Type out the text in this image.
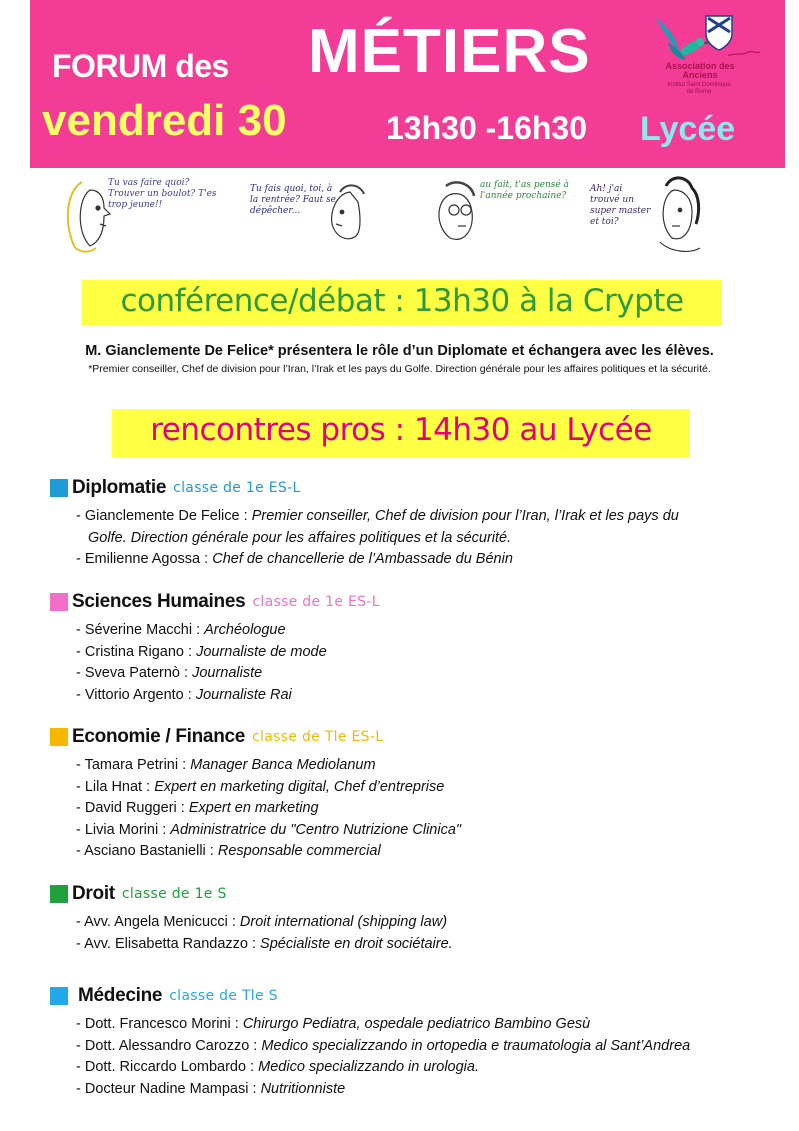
FORUM des MÉTIERS
vendredi 30	13h30 -16h30 Lycée
Association des Anciens
Institut Saint Dominique de Rome
Tu vas faire quoi? Trouver un boulot? T'es trop jeune!!
Tu fais quoi, toi, à la rentrée? Faut se dépêcher...
au fait, t'as pensé à l'année prochaine?
Ah! j'ai trouvé un super master et toi?
conférence/débat : 13h30 à la Crypte
M. Gianclemente De Felice* présentera le rôle d’un Diplomate et échangera avec les élèves.
*Premier conseiller, Chef de division pour l’Iran, l’Irak et les pays du Golfe. Direction générale pour les affaires politiques et la sécurité.
rencontres pros : 14h30 au Lycée
Diplomatie classe de 1e ES-L
- Gianclemente De Felice : Premier conseiller, Chef de division pour l’Iran, l’Irak et les pays du
Golfe. Direction générale pour les affaires politiques et la sécurité.
- Emilienne Agossa : Chef de chancellerie de l’Ambassade du Bénin
Sciences Humaines classe de 1e ES-L
- Séverine Macchi : Archéologue
- Cristina Rigano : Journaliste de mode
- Sveva Paternò : Journaliste
- Vittorio Argento : Journaliste Rai
Economie / Finance classe de Tle ES-L
- Tamara Petrini : Manager Banca Mediolanum
- Lila Hnat : Expert en marketing digital, Chef d’entreprise
- David Ruggeri : Expert en marketing
- Livia Morini : Administratrice du "Centro Nutrizione Clinica"
- Asciano Bastanielli : Responsable commercial
Droit classe de 1e S
- Avv. Angela Menicucci : Droit international (shipping law)
- Avv. Elisabetta Randazzo : Spécialiste en droit sociétaire.
Médecine classe de Tle S
- Dott. Francesco Morini : Chirurgo Pediatra, ospedale pediatrico Bambino Gesù
- Dott. Alessandro Carozzo : Medico specializzando in ortopedia e traumatologia al Sant’Andrea
- Dott. Riccardo Lombardo : Medico specializzando in urologia.
- Docteur Nadine Mampasi : Nutritionniste
